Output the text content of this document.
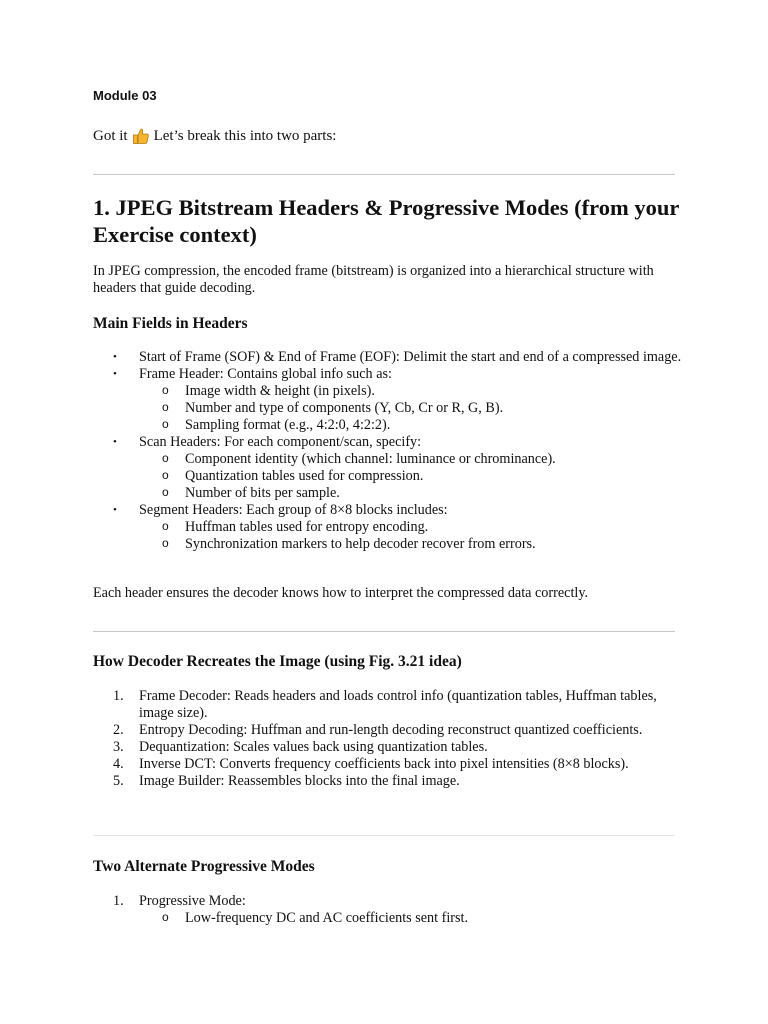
Module 03
Got it Let’s break this into two parts:
1. JPEG Bitstream Headers & Progressive Modes (from your Exercise context)

In JPEG compression, the encoded frame (bitstream) is organized into a hierarchical structure with headers that guide decoding.

Main Fields in Headers
•	Start of Frame (SOF) & End of Frame (EOF): Delimit the start and end of a compressed image.
•	Frame Header: Contains global info such as:
o	Image width & height (in pixels).
o	Number and type of components (Y, Cb, Cr or R, G, B).
o	Sampling format (e.g., 4:2:0, 4:2:2).
•	Scan Headers: For each component/scan, specify:
o	Component identity (which channel: luminance or chrominance).
o	Quantization tables used for compression.
o	Number of bits per sample.
•	Segment Headers: Each group of 8×8 blocks includes:
o	Huffman tables used for entropy encoding.
o	Synchronization markers to help decoder recover from errors.

Each header ensures the decoder knows how to interpret the compressed data correctly.

How Decoder Recreates the Image (using Fig. 3.21 idea)
1.	Frame Decoder: Reads headers and loads control info (quantization tables, Huffman tables, image size).
2.	Entropy Decoding: Huffman and run-length decoding reconstruct quantized coefficients.
3.	Dequantization: Scales values back using quantization tables.
4.	Inverse DCT: Converts frequency coefficients back into pixel intensities (8×8 blocks).
5.	Image Builder: Reassembles blocks into the final image.
Two Alternate Progressive Modes
1.	Progressive Mode:
o	Low-frequency DC and AC coefficients sent first.
